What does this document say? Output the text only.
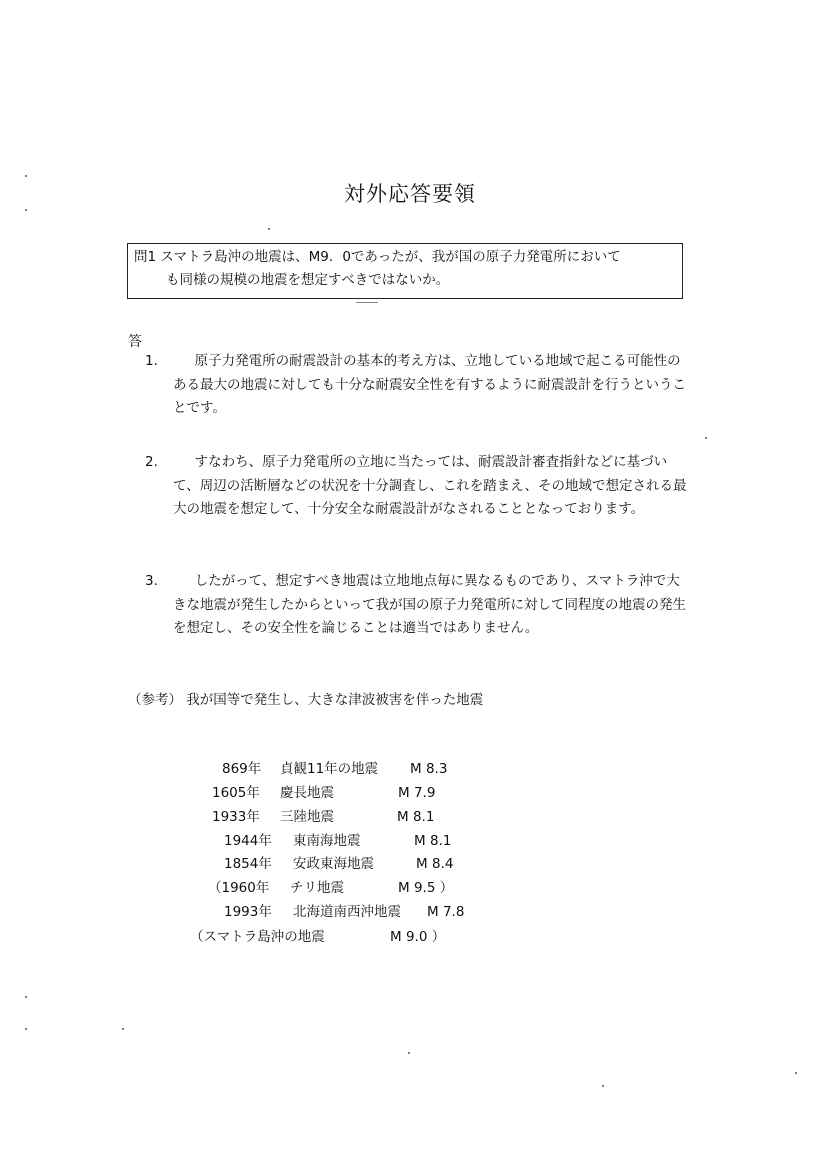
対外応答要領
問1 スマトラ島沖の地震は、M9．0であったが、我が国の原子力発電所において
も同様の規模の地震を想定すべきではないか。
答
1.	原子力発電所の耐震設計の基本的考え方は、立地している地域で起こる可能性のある最大の地震に対しても十分な耐震安全性を有するように耐震設計を行うということです。
2.	すなわち、原子力発電所の立地に当たっては、耐震設計審査指針などに基づいて、周辺の活断層などの状況を十分調査し、これを踏まえ、その地域で想定される最大の地震を想定して、十分安全な耐震設計がなされることとなっております。
3.	したがって、想定すべき地震は立地地点毎に異なるものであり、スマトラ沖で大きな地震が発生したからといって我が国の原子力発電所に対して同程度の地震の発生を想定し、その安全性を論じることは適当ではありません。
（参考） 我が国等で発生し、大きな津波被害を伴った地震
869年 貞観11年の地震 M 8.3
1605年 慶長地震	M 7.9
1933年 三陸地震	M 8.1
1944年 東南海地震	M 8.1
1854年 安政東海地震	M 8.4
（1960年 チリ地震	M 9.5 ）
1993年 北海道南西沖地震 M 7.8
（スマトラ島沖の地震	M 9.0 ）
